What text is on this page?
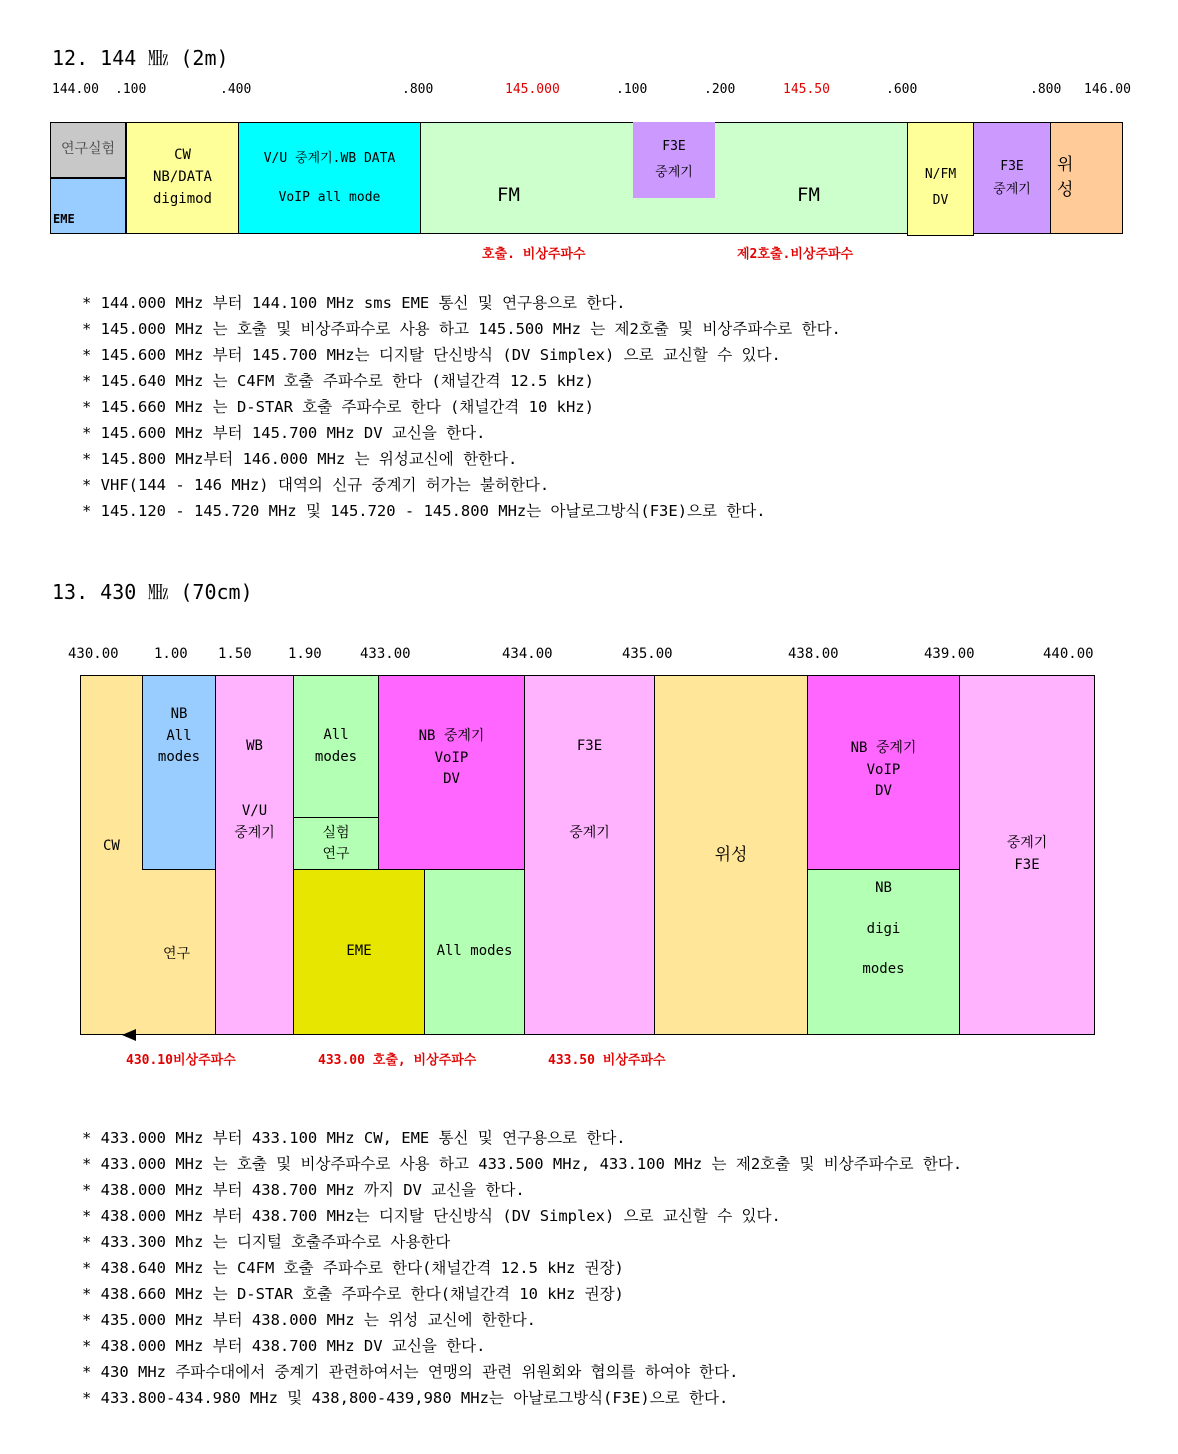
12. 144 ㎒ (2m)
144.00 .100	.400	.800	145.000	.100	.200	145.50	.600	.800 146.00
연구실험
EME
CW
NB/DATA
digimod
V/U 중계기.WB DATA

VoIP all mode	FM	FM
F3E
중계기	N/FM
DV
F3E
중계기
위
성
호출. 비상주파수	제2호출.비상주파수
* 144.000 MHz 부터 144.100 MHz sms EME 통신 및 연구용으로 한다.
* 145.000 MHz 는 호출 및 비상주파수로 사용 하고 145.500 MHz 는 제2호출 및 비상주파수로 한다.
* 145.600 MHz 부터 145.700 MHz는 디지탈 단신방식 (DV Simplex) 으로 교신할 수 있다.
* 145.640 MHz 는 C4FM 호출 주파수로 한다 (채널간격 12.5 kHz)
* 145.660 MHz 는 D-STAR 호출 주파수로 한다 (채널간격 10 kHz)
* 145.600 MHz 부터 145.700 MHz DV 교신을 한다.
* 145.800 MHz부터 146.000 MHz 는 위성교신에 한한다.
* VHF(144 - 146 MHz) 대역의 신규 중계기 허가는 불허한다.
* 145.120 - 145.720 MHz 및 145.720 - 145.800 MHz는 아날로그방식(F3E)으로 한다.
13. 430 ㎒ (70cm)
430.00	1.00 1.50	1.90	433.00	434.00	435.00	438.00	439.00	440.00
CW
연구
NB
All
modes
WB

V/U
중계기
All
modes
실험
연구
EME	All modes
NB 중계기
VoIP
DV
F3E

중계기
위성
NB 중계기
VoIP
DV
NB

digi

modes
중계기
F3E
430.10비상주파수	433.00 호출, 비상주파수	433.50 비상주파수
* 433.000 MHz 부터 433.100 MHz CW, EME 통신 및 연구용으로 한다.
* 433.000 MHz 는 호출 및 비상주파수로 사용 하고 433.500 MHz, 433.100 MHz 는 제2호출 및 비상주파수로 한다.
* 438.000 MHz 부터 438.700 MHz 까지 DV 교신을 한다.
* 438.000 MHz 부터 438.700 MHz는 디지탈 단신방식 (DV Simplex) 으로 교신할 수 있다.
* 433.300 Mhz 는 디지털 호출주파수로 사용한다
* 438.640 MHz 는 C4FM 호출 주파수로 한다(채널간격 12.5 kHz 권장)
* 438.660 MHz 는 D-STAR 호출 주파수로 한다(채널간격 10 kHz 권장)
* 435.000 MHz 부터 438.000 MHz 는 위성 교신에 한한다.
* 438.000 MHz 부터 438.700 MHz DV 교신을 한다.
* 430 MHz 주파수대에서 중계기 관련하여서는 연맹의 관련 위원회와 협의를 하여야 한다.
* 433.800-434.980 MHz 및 438,800-439,980 MHz는 아날로그방식(F3E)으로 한다.
